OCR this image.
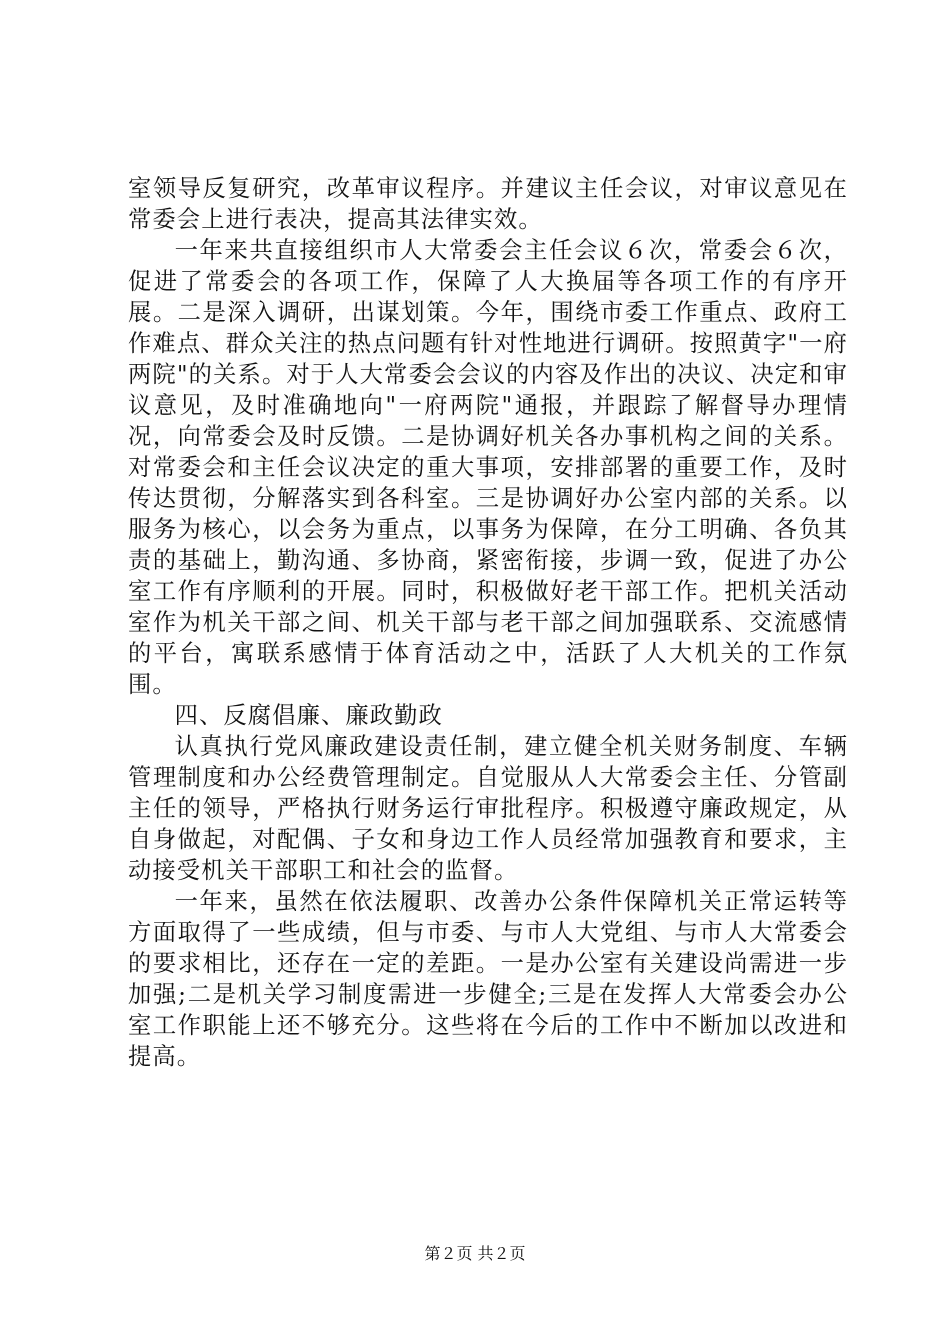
室领导反复研究，改革审议程序。并建议主任会议，对审议意见在常委会上进行表决，提高其法律实效。

一年来共直接组织市人大常委会主任会议６次，常委会６次，促进了常委会的各项工作，保障了人大换届等各项工作的有序开展。二是深入调研，出谋划策。今年，围绕市委工作重点、政府工作难点、群众关注的热点问题有针对性地进行调研。按照黄字"一府两院"的关系。对于人大常委会会议的内容及作出的决议、决定和审议意见，及时准确地向"一府两院"通报，并跟踪了解督导办理情况，向常委会及时反馈。二是协调好机关各办事机构之间的关系。对常委会和主任会议决定的重大事项，安排部署的重要工作，及时传达贯彻，分解落实到各科室。三是协调好办公室内部的关系。以服务为核心，以会务为重点，以事务为保障，在分工明确、各负其责的基础上，勤沟通、多协商，紧密衔接，步调一致，促进了办公室工作有序顺利的开展。同时，积极做好老干部工作。把机关活动室作为机关干部之间、机关干部与老干部之间加强联系、交流感情的平台，寓联系感情于体育活动之中，活跃了人大机关的工作氛围。

四、反腐倡廉、廉政勤政

认真执行党风廉政建设责任制，建立健全机关财务制度、车辆管理制度和办公经费管理制定。自觉服从人大常委会主任、分管副主任的领导，严格执行财务运行审批程序。积极遵守廉政规定，从自身做起，对配偶、子女和身边工作人员经常加强教育和要求，主动接受机关干部职工和社会的监督。

一年来，虽然在依法履职、改善办公条件保障机关正常运转等方面取得了一些成绩，但与市委、与市人大党组、与市人大常委会的要求相比，还存在一定的差距。一是办公室有关建设尚需进一步加强;二是机关学习制度需进一步健全;三是在发挥人大常委会办公室工作职能上还不够充分。这些将在今后的工作中不断加以改进和提高。

第２页 共２页
